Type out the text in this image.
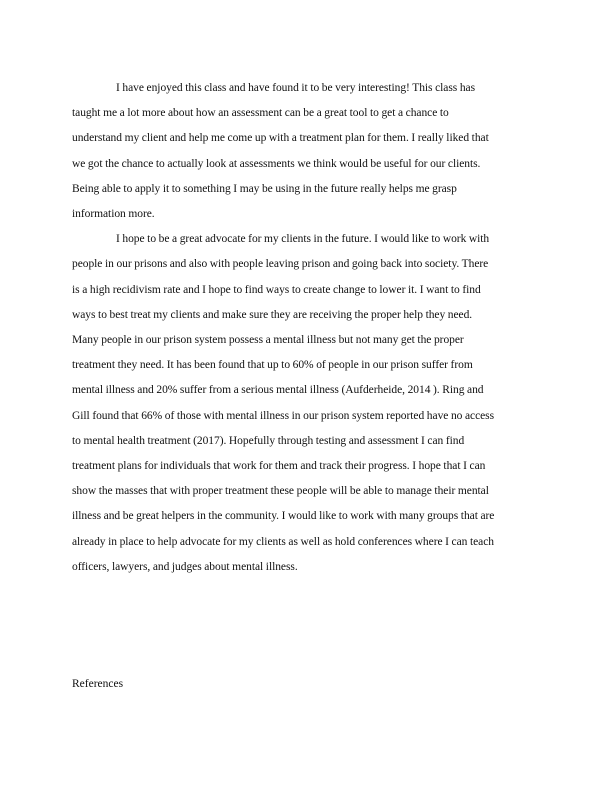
I have enjoyed this class and have found it to be very interesting! This class has
taught me a lot more about how an assessment can be a great tool to get a chance to
understand my client and help me come up with a treatment plan for them. I really liked that
we got the chance to actually look at assessments we think would be useful for our clients.
Being able to apply it to something I may be using in the future really helps me grasp
information more.

I hope to be a great advocate for my clients in the future. I would like to work with
people in our prisons and also with people leaving prison and going back into society. There
is a high recidivism rate and I hope to find ways to create change to lower it. I want to find
ways to best treat my clients and make sure they are receiving the proper help they need.
Many people in our prison system possess a mental illness but not many get the proper
treatment they need. It has been found that up to 60% of people in our prison suffer from
mental illness and 20% suffer from a serious mental illness (Aufderheide, 2014 ). Ring and
Gill found that 66% of those with mental illness in our prison system reported have no access
to mental health treatment (2017). Hopefully through testing and assessment I can find
treatment plans for individuals that work for them and track their progress. I hope that I can
show the masses that with proper treatment these people will be able to manage their mental
illness and be great helpers in the community. I would like to work with many groups that are
already in place to help advocate for my clients as well as hold conferences where I can teach
officers, lawyers, and judges about mental illness.

References
